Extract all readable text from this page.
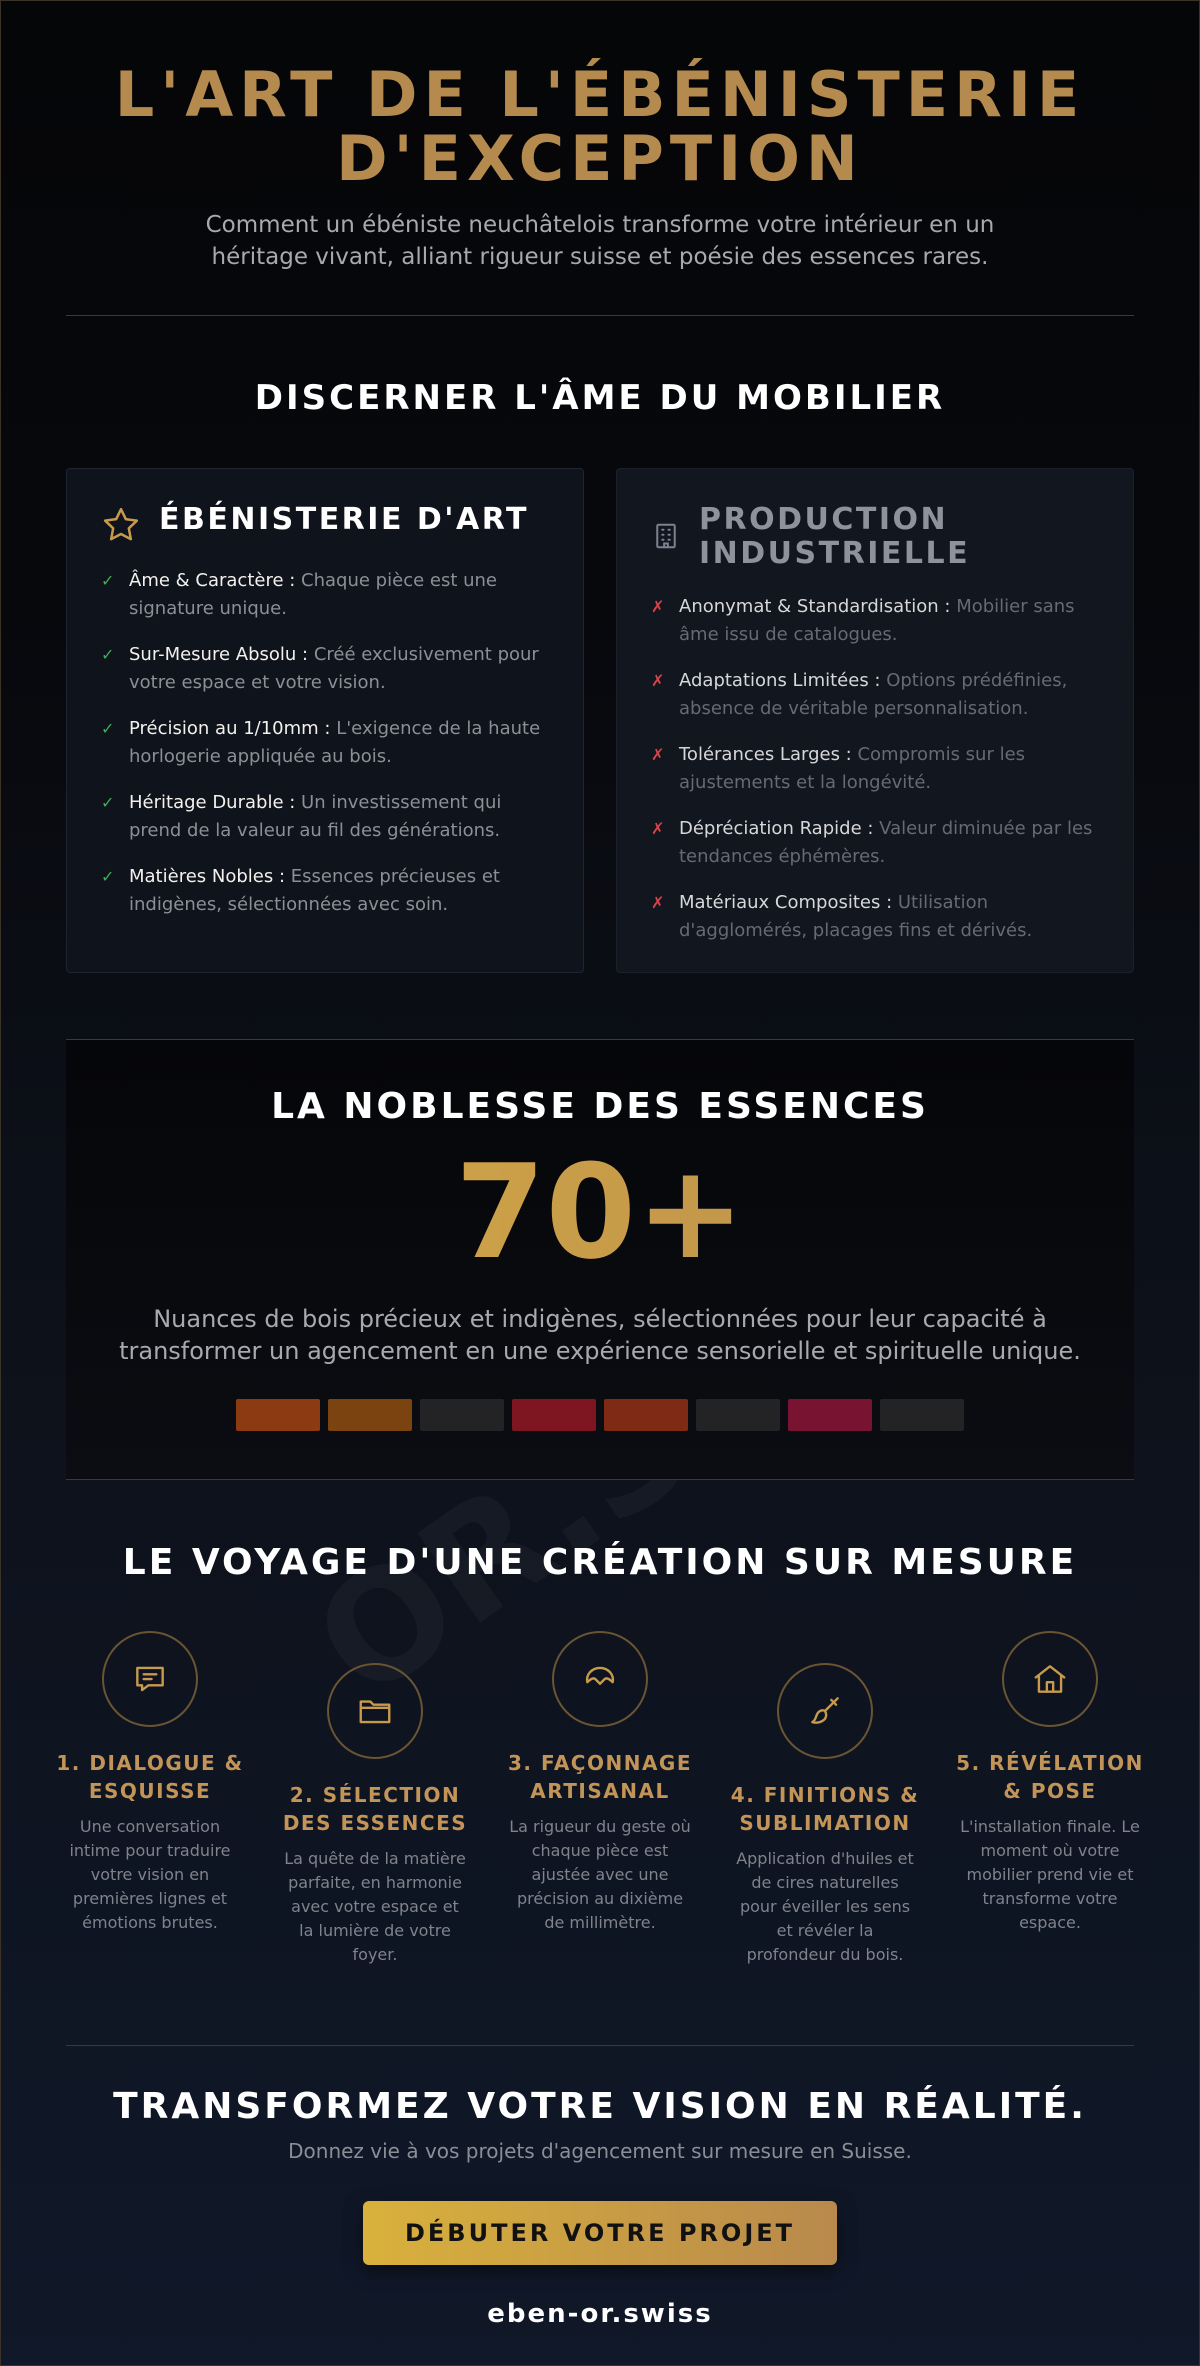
L'ART DE L'ÉBÉNISTERIE
D'EXCEPTION

Comment un ébéniste neuchâtelois transforme votre intérieur en un héritage vivant, alliant rigueur suisse et poésie des essences rares.

DISCERNER L'ÂME DU MOBILIER
ÉBÉNISTERIE D'ART
✓ Âme & Caractère : Chaque pièce est une signature unique.
✓ Sur-Mesure Absolu : Créé exclusivement pour votre espace et votre vision.
✓ Précision au 1/10mm : L'exigence de la haute horlogerie appliquée au bois.
✓ Héritage Durable : Un investissement qui prend de la valeur au fil des générations.
✓ Matières Nobles : Essences précieuses et indigènes, sélectionnées avec soin.
PRODUCTION INDUSTRIELLE
✗ Anonymat & Standardisation : Mobilier sans âme issu de catalogues.
✗ Adaptations Limitées : Options prédéfinies, absence de véritable personnalisation.
✗ Tolérances Larges : Compromis sur les ajustements et la longévité.
✗ Dépréciation Rapide : Valeur diminuée par les tendances éphémères.
✗ Matériaux Composites : Utilisation d'agglomérés, placages fins et dérivés.
LA NOBLESSE DES ESSENCES
70+

Nuances de bois précieux et indigènes, sélectionnées pour leur capacité à transformer un agencement en une expérience sensorielle et spirituelle unique.

LE VOYAGE D'UNE CRÉATION SUR MESURE
1. DIALOGUE & ESQUISSE
Une conversation intime pour traduire votre vision en premières lignes et émotions brutes.
2. SÉLECTION DES ESSENCES
La quête de la matière parfaite, en harmonie avec votre espace et la lumière de votre foyer.
3. FAÇONNAGE ARTISANAL
La rigueur du geste où chaque pièce est ajustée avec une précision au dixième de millimètre.
4. FINITIONS & SUBLIMATION
Application d'huiles et de cires naturelles pour éveiller les sens et révéler la profondeur du bois.
5. RÉVÉLATION & POSE
L'installation finale. Le moment où votre mobilier prend vie et transforme votre espace.
TRANSFORMEZ VOTRE VISION EN RÉALITÉ.

Donnez vie à vos projets d'agencement sur mesure en Suisse.

DÉBUTER VOTRE PROJET
eben-or.swiss
